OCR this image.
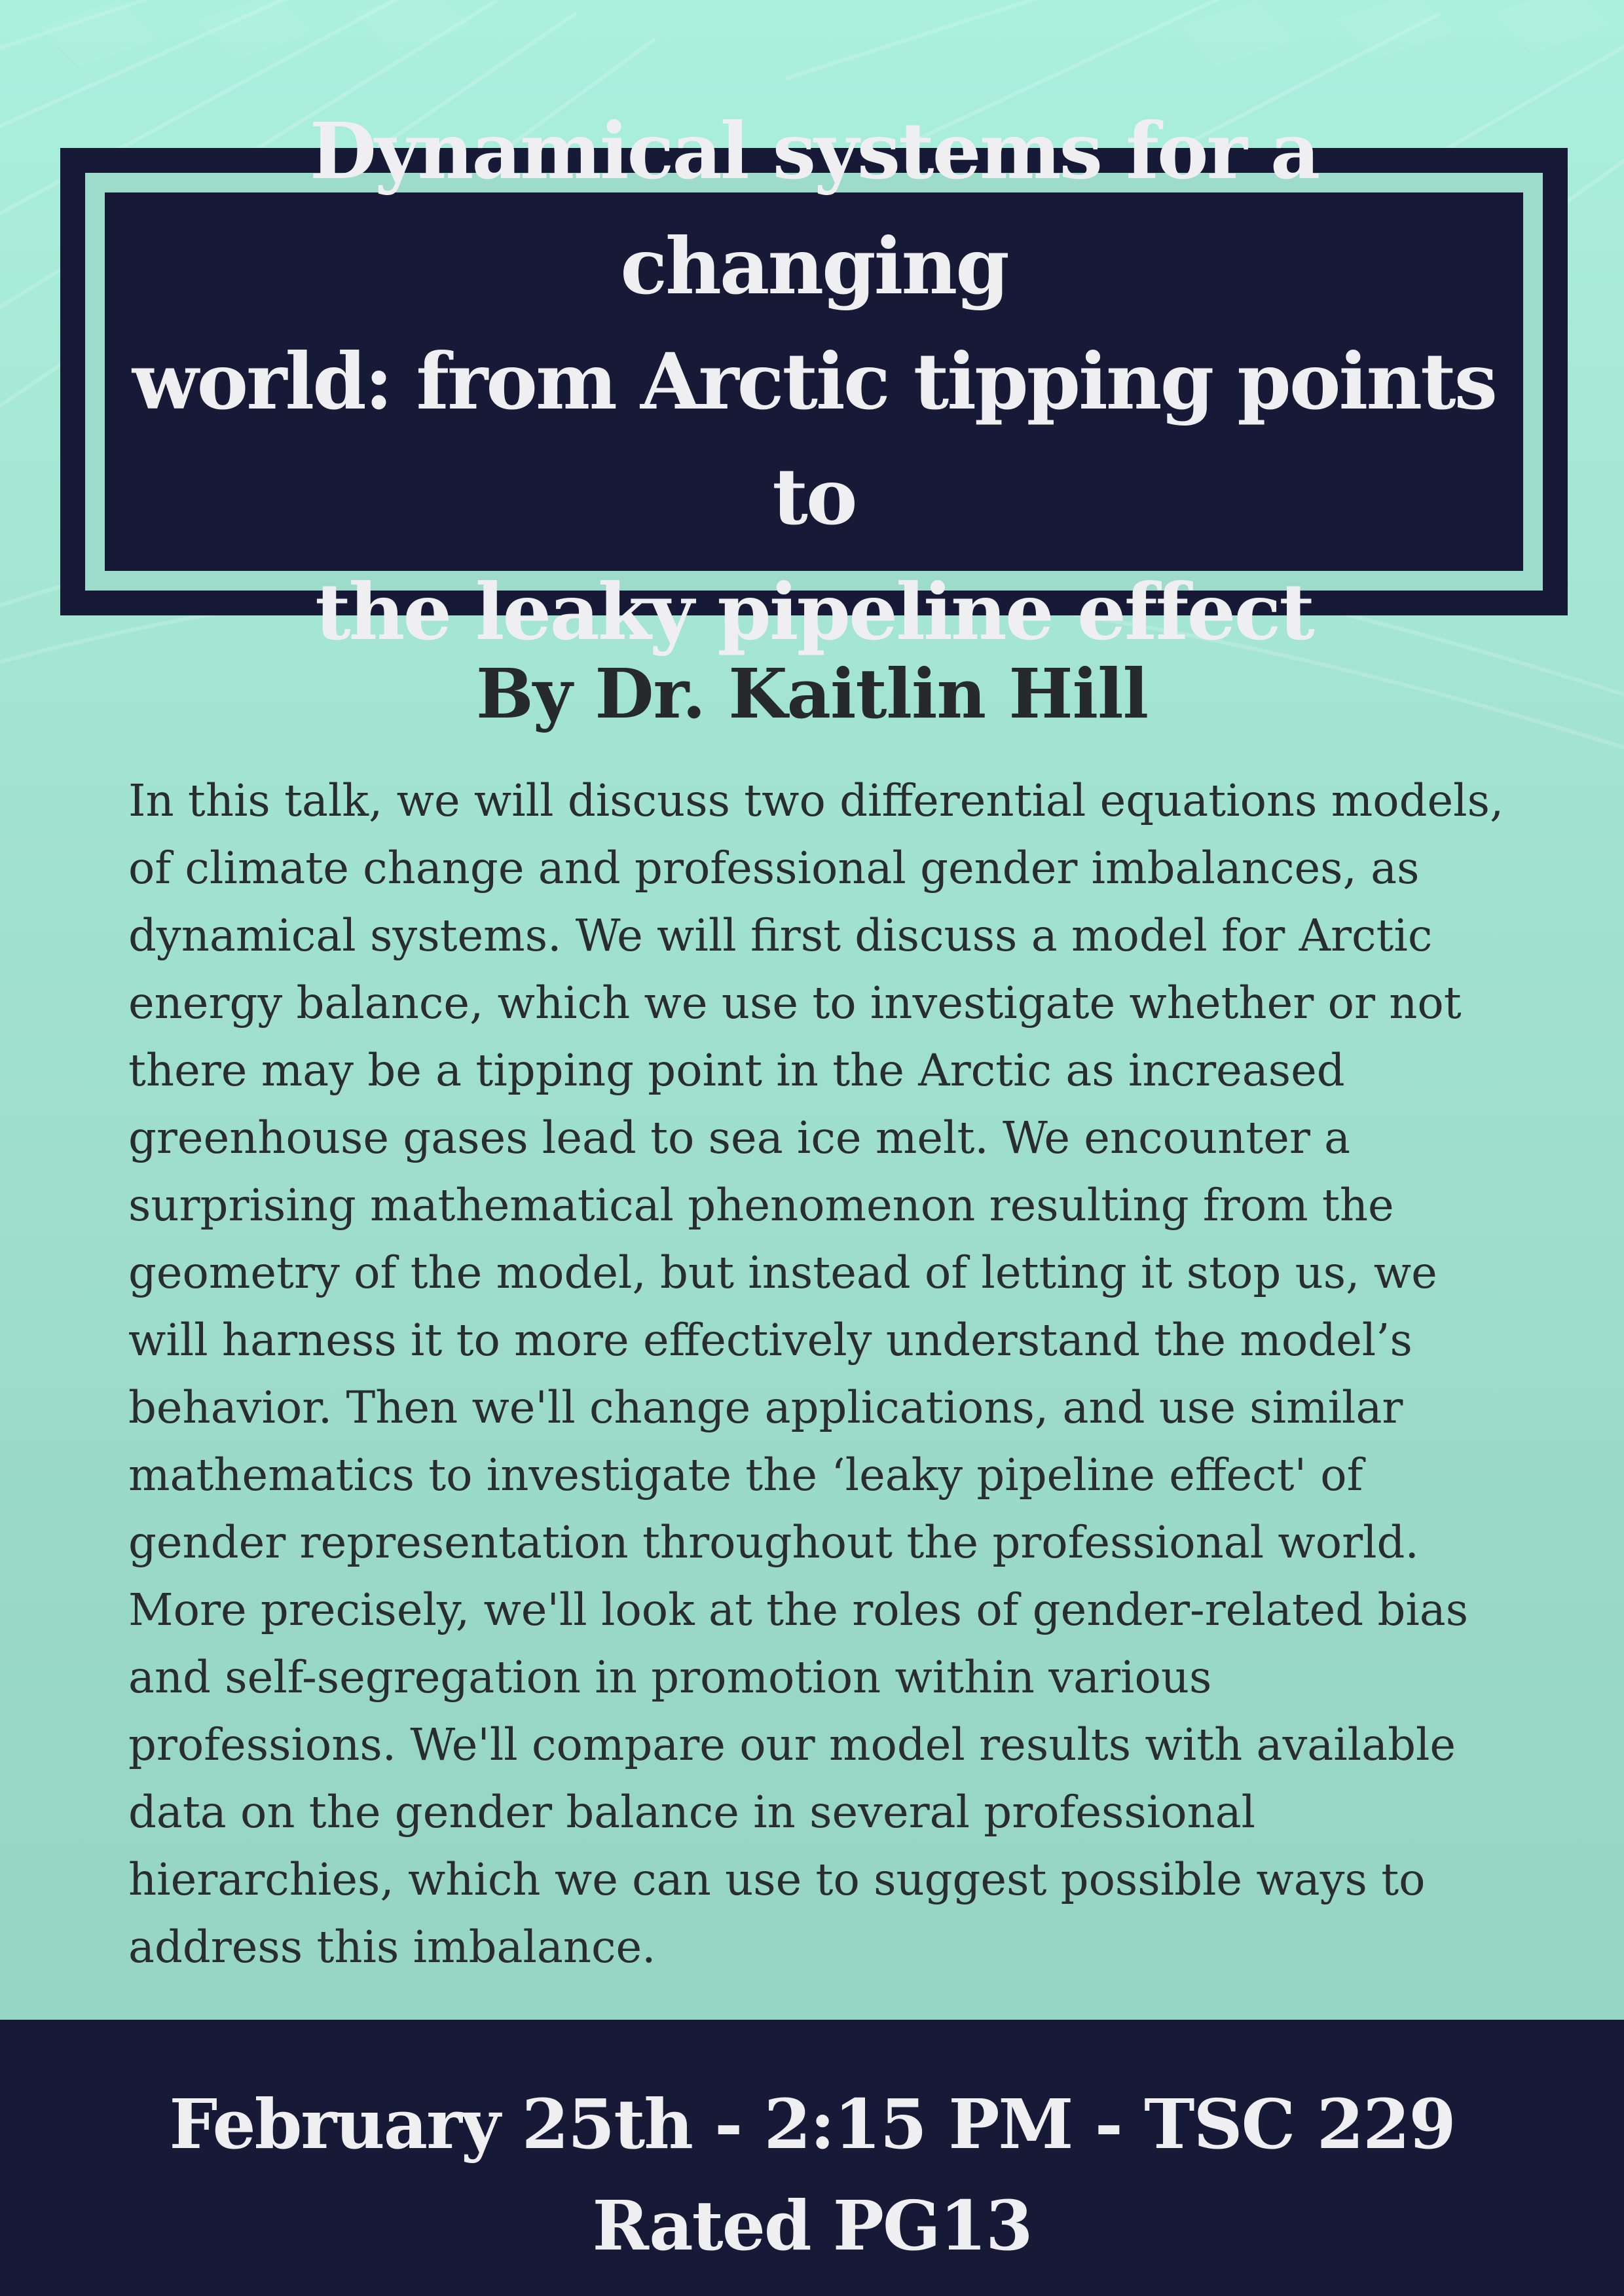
Dynamical systems for a changing
world: from Arctic tipping points to
the leaky pipeline effect
By Dr. Kaitlin Hill

In this talk, we will discuss two differential equations models,
of climate change and professional gender imbalances, as
dynamical systems. We will first discuss a model for Arctic
energy balance, which we use to investigate whether or not
there may be a tipping point in the Arctic as increased
greenhouse gases lead to sea ice melt. We encounter a
surprising mathematical phenomenon resulting from the
geometry of the model, but instead of letting it stop us, we
will harness it to more effectively understand the model’s
behavior. Then we'll change applications, and use similar
mathematics to investigate the ‘leaky pipeline effect' of
gender representation throughout the professional world.
More precisely, we'll look at the roles of gender-related bias
and self-segregation in promotion within various
professions. We'll compare our model results with available
data on the gender balance in several professional
hierarchies, which we can use to suggest possible ways to
address this imbalance.

February 25th - 2:15 PM - TSC 229
Rated PG13
